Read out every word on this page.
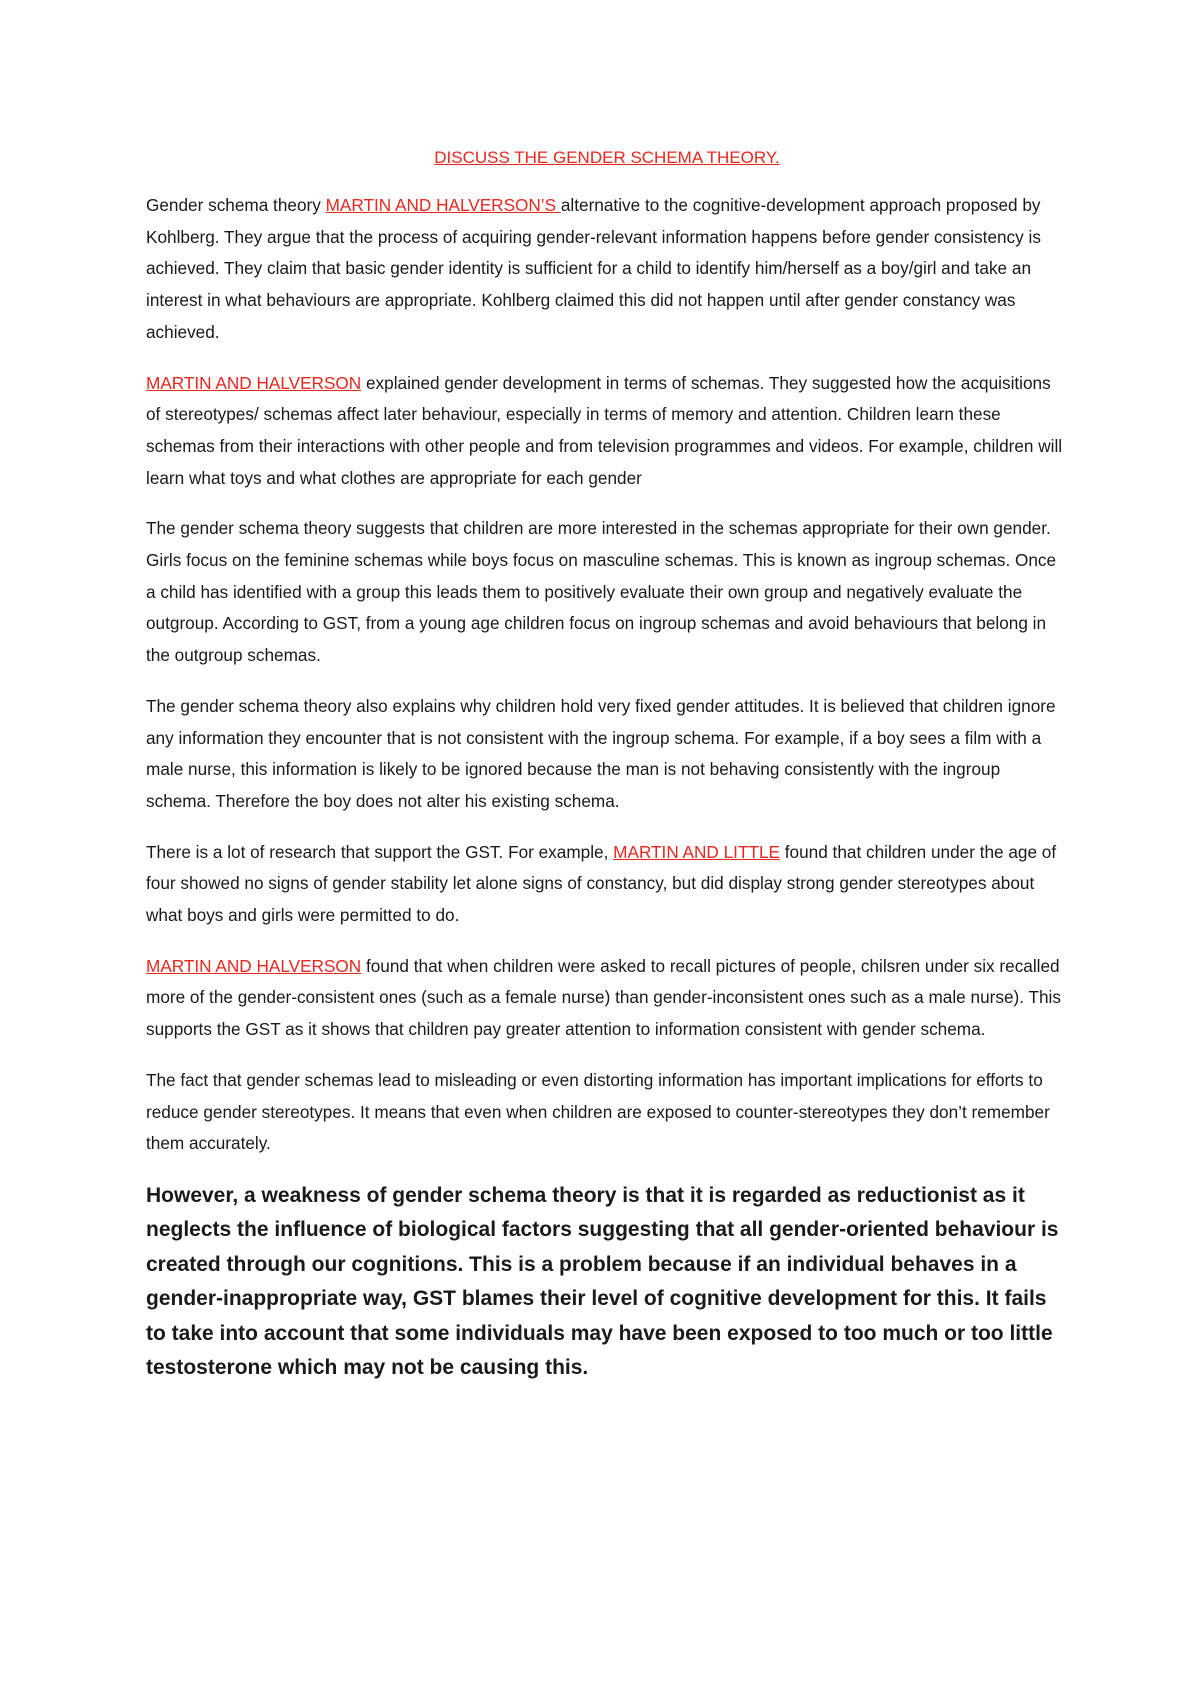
DISCUSS THE GENDER SCHEMA THEORY.

Gender schema theory MARTIN AND HALVERSON’S alternative to the cognitive-development approach proposed by Kohlberg. They argue that the process of acquiring gender-relevant information happens before gender consistency is achieved. They claim that basic gender identity is sufficient for a child to identify him/herself as a boy/girl and take an interest in what behaviours are appropriate. Kohlberg claimed this did not happen until after gender constancy was achieved.

MARTIN AND HALVERSON explained gender development in terms of schemas. They suggested how the acquisitions of stereotypes/ schemas affect later behaviour, especially in terms of memory and attention. Children learn these schemas from their interactions with other people and from television programmes and videos. For example, children will learn what toys and what clothes are appropriate for each gender

The gender schema theory suggests that children are more interested in the schemas appropriate for their own gender. Girls focus on the feminine schemas while boys focus on masculine schemas. This is known as ingroup schemas. Once a child has identified with a group this leads them to positively evaluate their own group and negatively evaluate the outgroup. According to GST, from a young age children focus on ingroup schemas and avoid behaviours that belong in the outgroup schemas.

The gender schema theory also explains why children hold very fixed gender attitudes. It is believed that children ignore any information they encounter that is not consistent with the ingroup schema. For example, if a boy sees a film with a male nurse, this information is likely to be ignored because the man is not behaving consistently with the ingroup schema. Therefore the boy does not alter his existing schema.

There is a lot of research that support the GST. For example, MARTIN AND LITTLE found that children under the age of four showed no signs of gender stability let alone signs of constancy, but did display strong gender stereotypes about what boys and girls were permitted to do.

MARTIN AND HALVERSON found that when children were asked to recall pictures of people, chilsren under six recalled more of the gender-consistent ones (such as a female nurse) than gender-inconsistent ones such as a male nurse). This supports the GST as it shows that children pay greater attention to information consistent with gender schema.

The fact that gender schemas lead to misleading or even distorting information has important implications for efforts to reduce gender stereotypes. It means that even when children are exposed to counter-stereotypes they don’t remember them accurately.

However, a weakness of gender schema theory is that it is regarded as reductionist as it neglects the influence of biological factors suggesting that all gender-oriented behaviour is created through our cognitions. This is a problem because if an individual behaves in a gender-inappropriate way, GST blames their level of cognitive development for this. It fails to take into account that some individuals may have been exposed to too much or too little testosterone which may not be causing this.
